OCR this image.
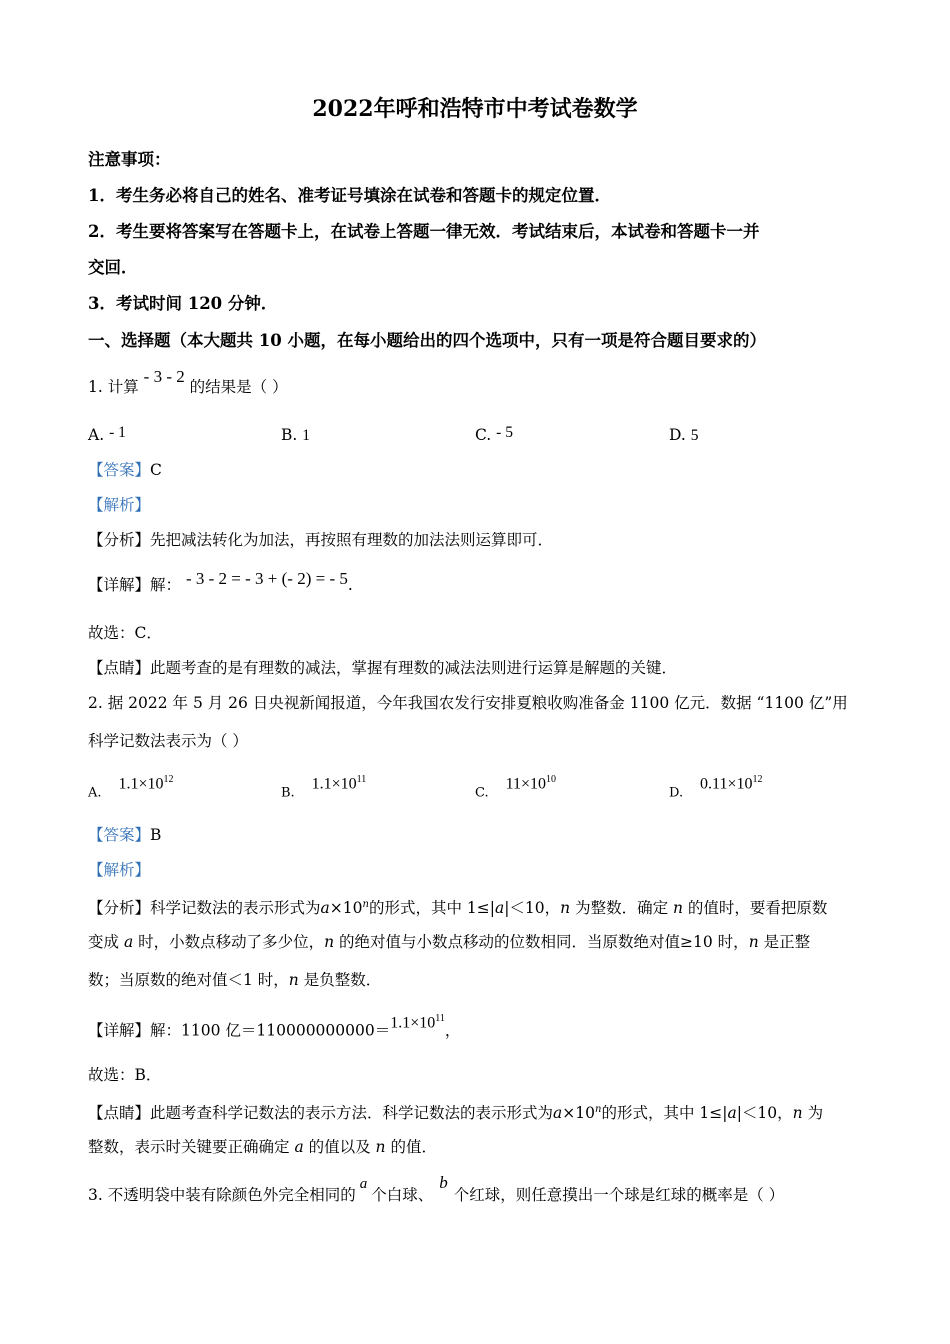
2022年呼和浩特市中考试卷数学
注意事项：
1．考生务必将自己的姓名、准考证号填涂在试卷和答题卡的规定位置．
2．考生要将答案写在答题卡上，在试卷上答题一律无效．考试结束后，本试卷和答题卡一并
交回．
3．考试时间 120 分钟．
一、选择题（本大题共 10 小题，在每小题给出的四个选项中，只有一项是符合题目要求的）
1. 计算 - 3 - 2 的结果是（ ）
A. - 1	B. 1	C. - 5	D. 5
【答案】C
【解析】
【分析】先把减法转化为加法，再按照有理数的加法法则运算即可．
【详解】解： - 3 - 2 = - 3 + (- 2) = - 5.
故选：C．
【点睛】此题考查的是有理数的减法，掌握有理数的减法法则进行运算是解题的关键．
2. 据 2022 年 5 月 26 日央视新闻报道，今年我国农发行安排夏粮收购准备金 1100 亿元．数据 “1100 亿”用
科学记数法表示为（ ）
A. $1.1\times 10^{12}$
B. $1.1\times 10^{11}$
C. $11\times 10^{10}$
D. $0.11\times 10^{12}$
【答案】B
【解析】
【分析】科学记数法的表示形式为$a\times 10^n$的形式，其中 1≤|a|＜10，n 为整数．确定 n 的值时，要看把原数
变成 a 时，小数点移动了多少位，n 的绝对值与小数点移动的位数相同．当原数绝对值≥10 时，n 是正整
数；当原数的绝对值＜1 时，n 是负整数．
【详解】解：1100 亿$=110000000000=1.1\times 10^{11}$，
故选：B．
【点睛】此题考查科学记数法的表示方法．科学记数法的表示形式为$a\times 10^n$的形式，其中 1≤|a|＜10，n 为
整数，表示时关键要正确确定 a 的值以及 n 的值．
3. 不透明袋中装有除颜色外完全相同的a个白球、b个红球，则任意摸出一个球是红球的概率是（ ）
